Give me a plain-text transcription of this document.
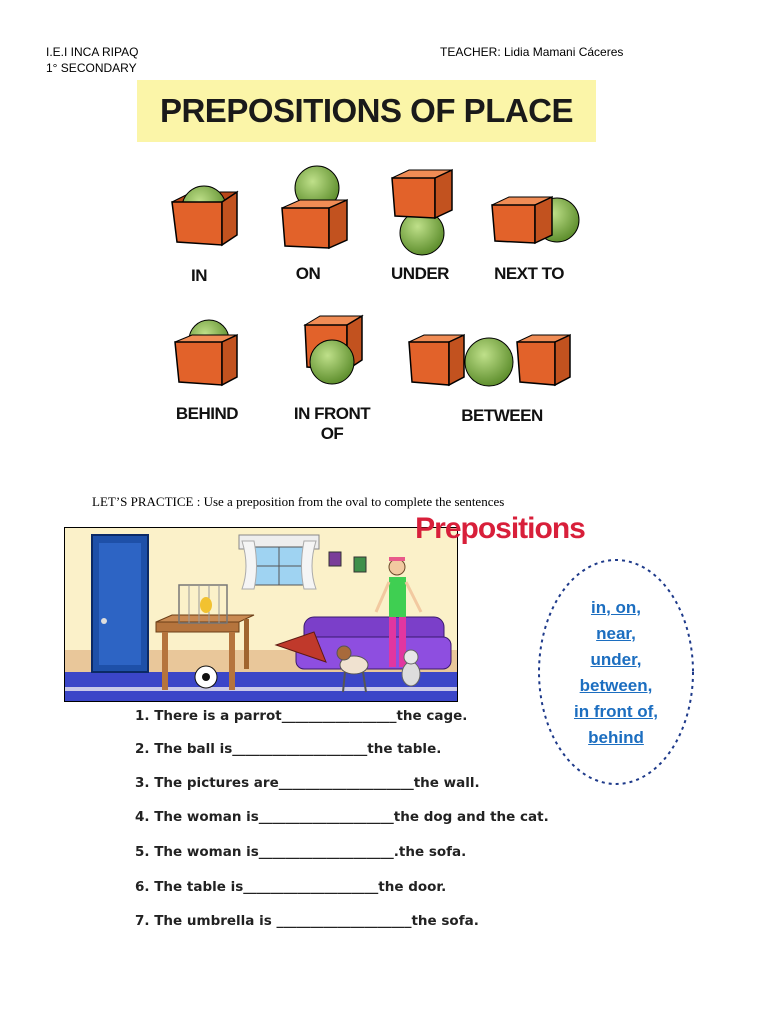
I.E.I INCA RIPAQ
1° SECONDARY
TEACHER: Lidia Mamani Cáceres
PREPOSITIONS OF PLACE
IN	ON	UNDER	NEXT TO
BEHIND	IN FRONT OF
BETWEEN
LET’S PRACTICE : Use a preposition from the oval to complete the sentences
Prepositions
in, on,
near,
under,
between,
in front of,
behind
1. There is a parrot_________________the cage.
2. The ball is____________________the table.
3. The pictures are____________________the wall.
4. The woman is____________________the dog and the cat.
5. The woman is____________________.the sofa.
6. The table is____________________the door.
7. The umbrella is ____________________the sofa.
